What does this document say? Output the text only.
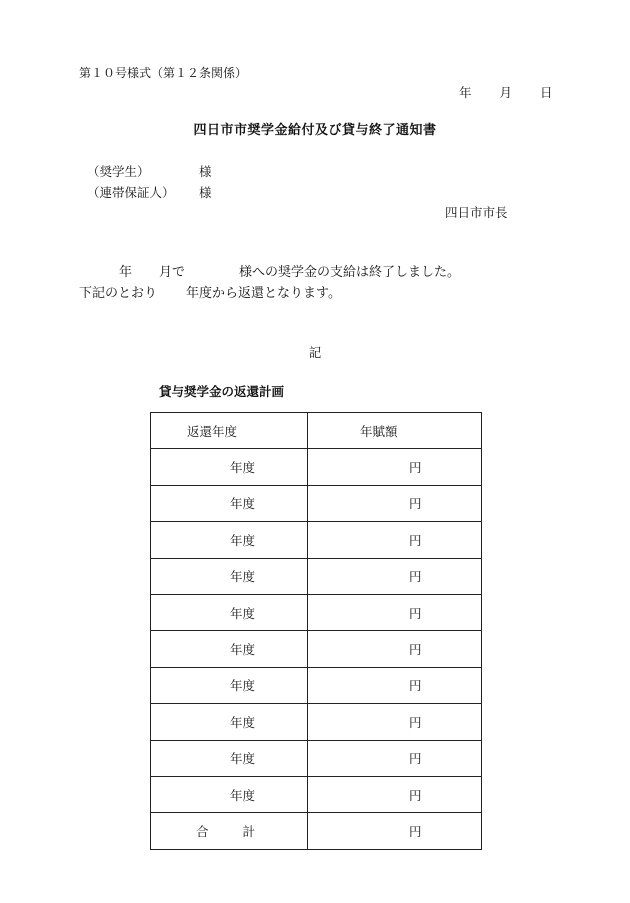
第１０号様式（第１２条関係）
年 月 日
四日市市奨学金給付及び貸与終了通知書
（奨学生）	様
（連帯保証人） 様
四日市市長
年 月で	様への奨学金の支給は終了しました。
下記のとおり 年度から返還となります。
記
貸与奨学金の返還計画
返還年度	年賦額
年度	円
年度	円
年度	円
年度	円
年度	円
年度	円
年度	円
年度	円
年度	円
年度	円
合 計	円
